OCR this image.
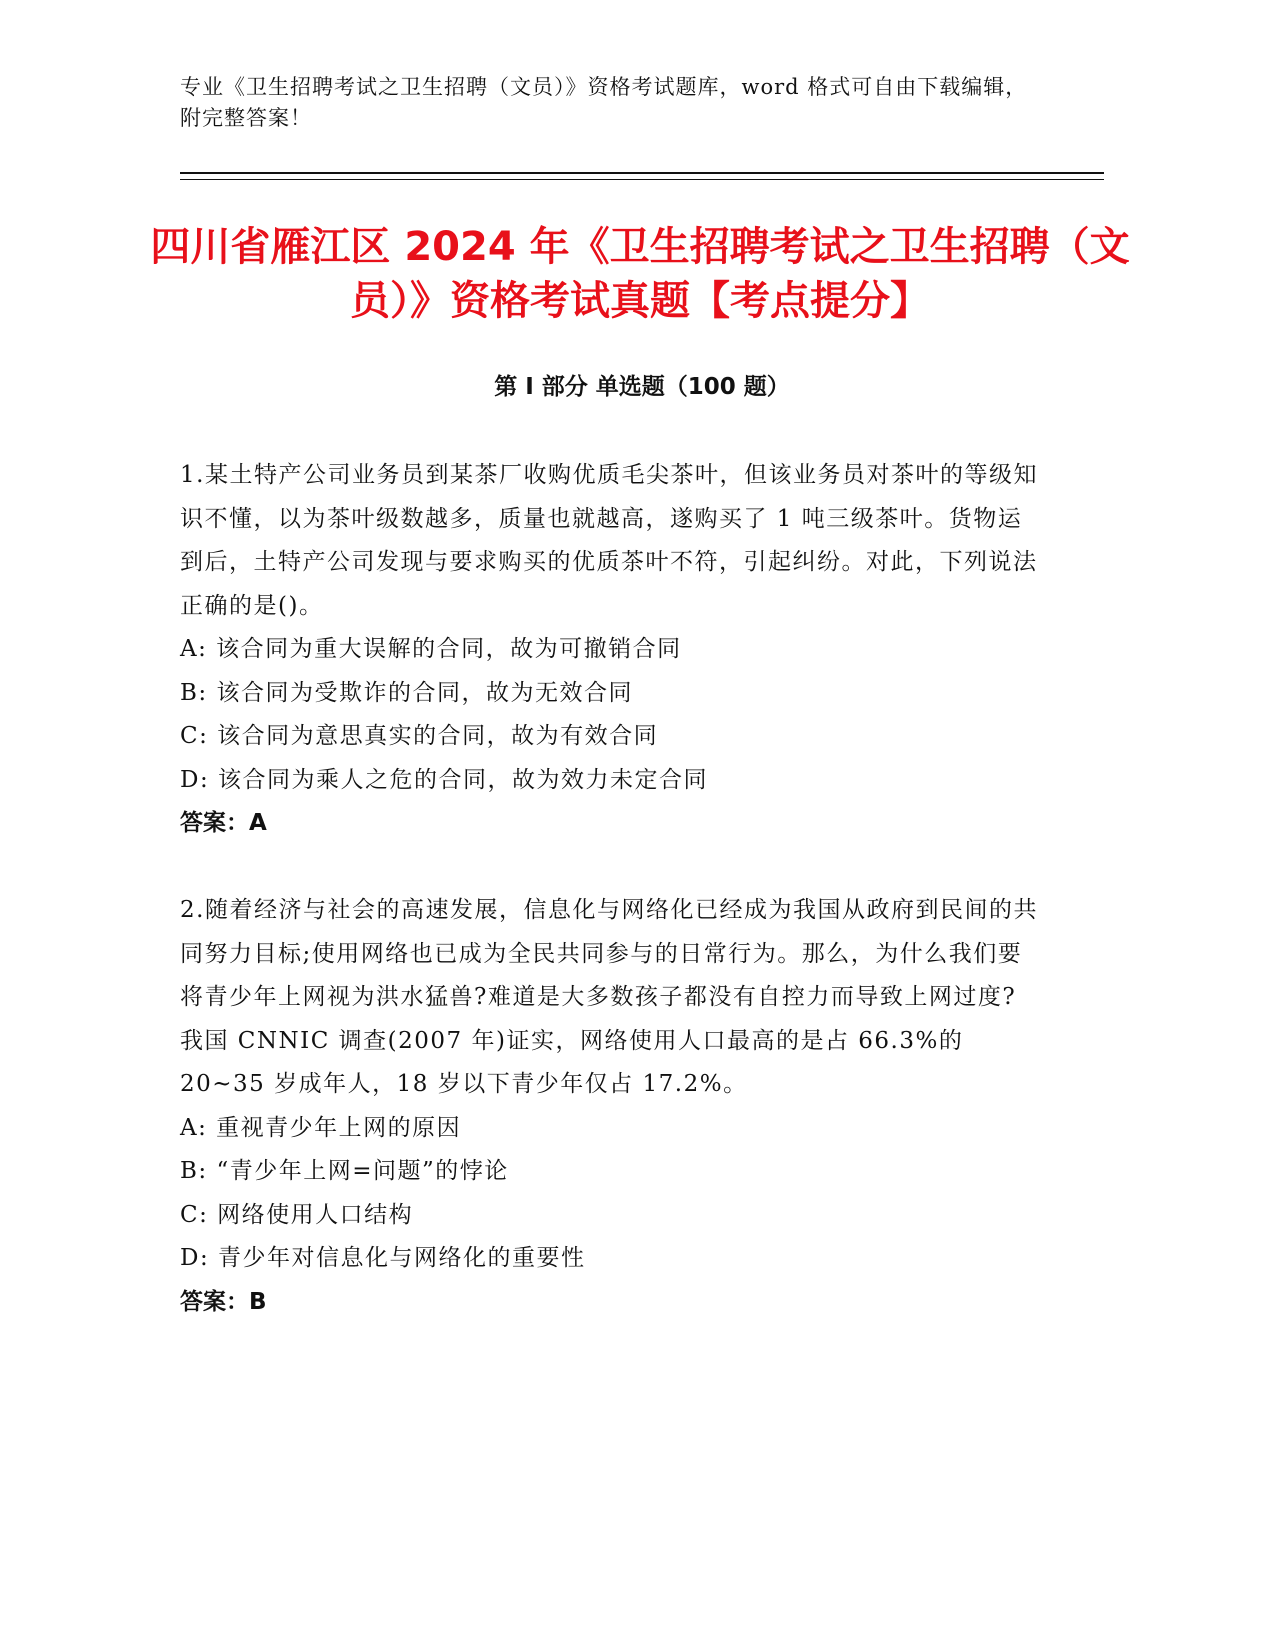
专业《卫生招聘考试之卫生招聘（文员）》资格考试题库，word 格式可自由下载编辑，附完整答案！
四川省雁江区 2024 年《卫生招聘考试之卫生招聘（文员）》资格考试真题【考点提分】
第 I 部分 单选题（100 题）
1.某土特产公司业务员到某茶厂收购优质毛尖茶叶，但该业务员对茶叶的等级知识不懂，以为茶叶级数越多，质量也就越高，遂购买了 1 吨三级茶叶。货物运到后，土特产公司发现与要求购买的优质茶叶不符，引起纠纷。对此，下列说法正确的是()。
A: 该合同为重大误解的合同，故为可撤销合同
B: 该合同为受欺诈的合同，故为无效合同
C: 该合同为意思真实的合同，故为有效合同
D: 该合同为乘人之危的合同，故为效力未定合同
答案：A
2.随着经济与社会的高速发展，信息化与网络化已经成为我国从政府到民间的共同努力目标;使用网络也已成为全民共同参与的日常行为。那么，为什么我们要将青少年上网视为洪水猛兽?难道是大多数孩子都没有自控力而导致上网过度?我国 CNNIC 调查(2007 年)证实，网络使用人口最高的是占 66.3%的 20~35 岁成年人，18 岁以下青少年仅占 17.2%。
A: 重视青少年上网的原因
B: “青少年上网=问题”的悖论
C: 网络使用人口结构
D: 青少年对信息化与网络化的重要性
答案：B
